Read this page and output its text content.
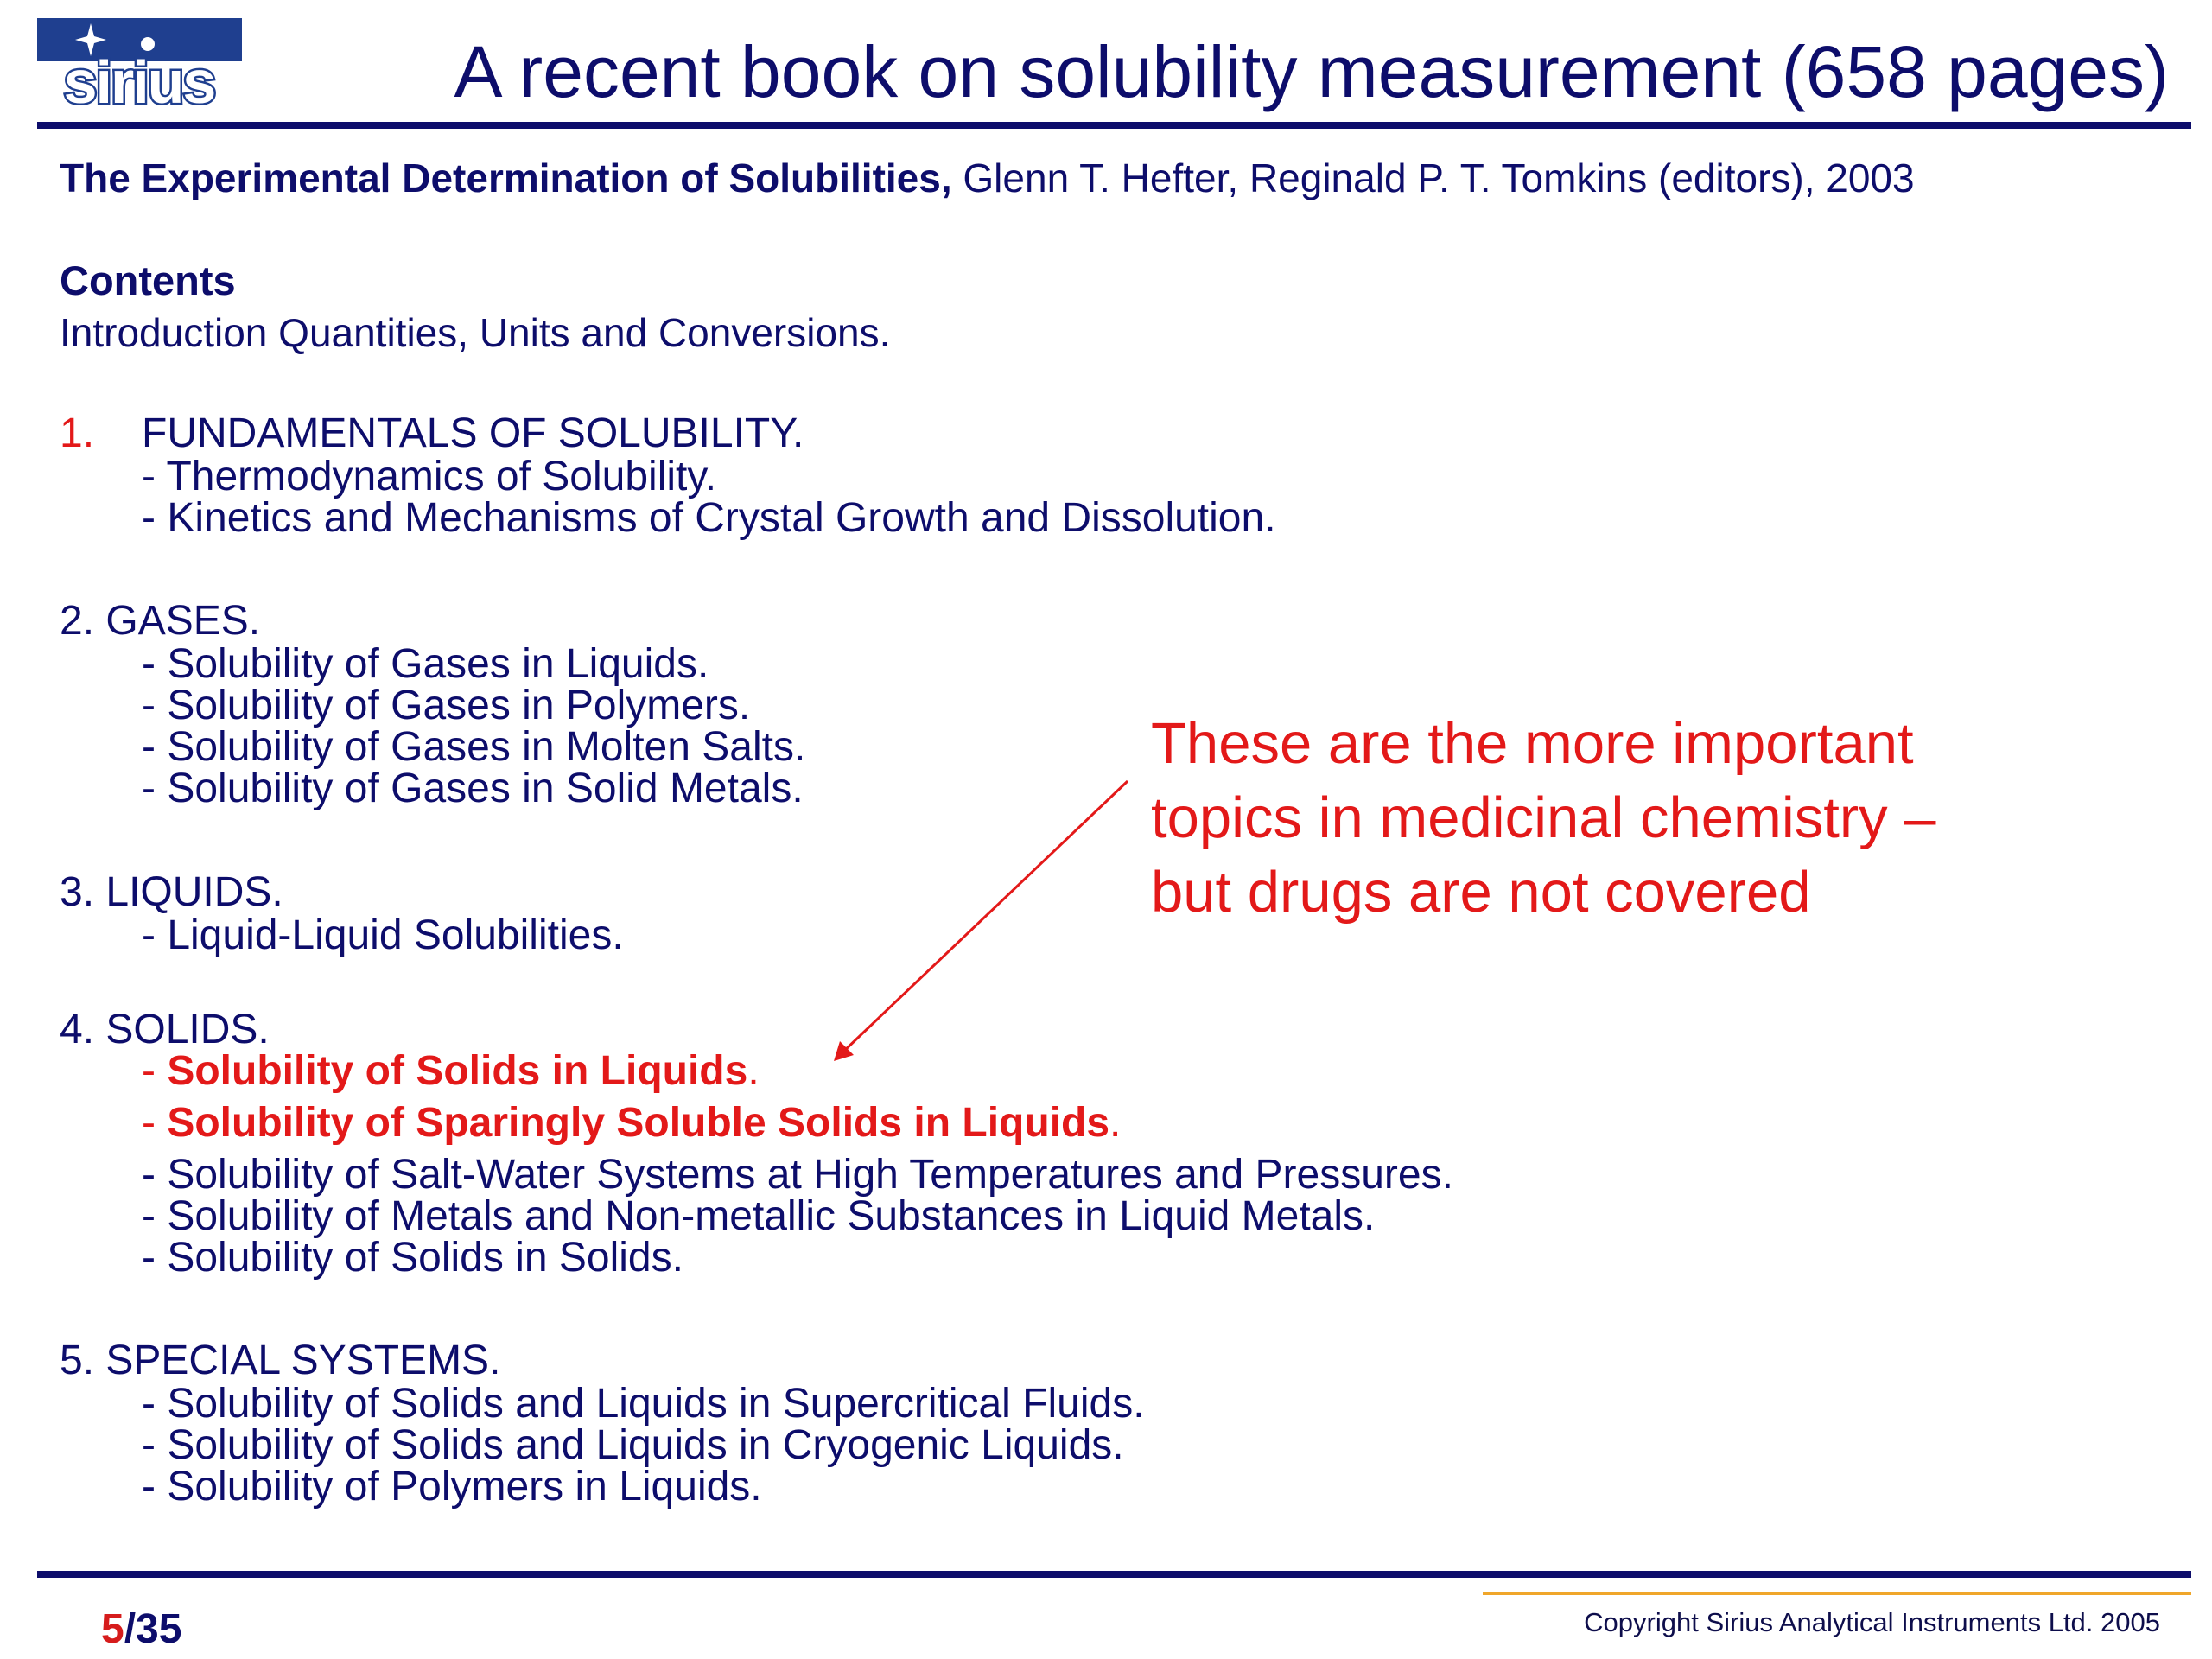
sirius	A recent book on solubility measurement (658 pages)
The Experimental Determination of Solubilities, Glenn T. Hefter, Reginald P. T. Tomkins (editors), 2003
Contents
Introduction Quantities, Units and Conversions.
1. FUNDAMENTALS OF SOLUBILITY.
- Thermodynamics of Solubility.
- Kinetics and Mechanisms of Crystal Growth and Dissolution.
2. GASES.
- Solubility of Gases in Liquids.
- Solubility of Gases in Polymers.
- Solubility of Gases in Molten Salts.
- Solubility of Gases in Solid Metals.
3. LIQUIDS.
- Liquid-Liquid Solubilities.
4. SOLIDS.
- Solubility of Solids in Liquids.
- Solubility of Sparingly Soluble Solids in Liquids.
- Solubility of Salt-Water Systems at High Temperatures and Pressures.
- Solubility of Metals and Non-metallic Substances in Liquid Metals.
- Solubility of Solids in Solids.
5. SPECIAL SYSTEMS.
- Solubility of Solids and Liquids in Supercritical Fluids.
- Solubility of Solids and Liquids in Cryogenic Liquids.
- Solubility of Polymers in Liquids.
These are the more important
topics in medicinal chemistry –
but drugs are not covered
5/35	Copyright Sirius Analytical Instruments Ltd. 2005
